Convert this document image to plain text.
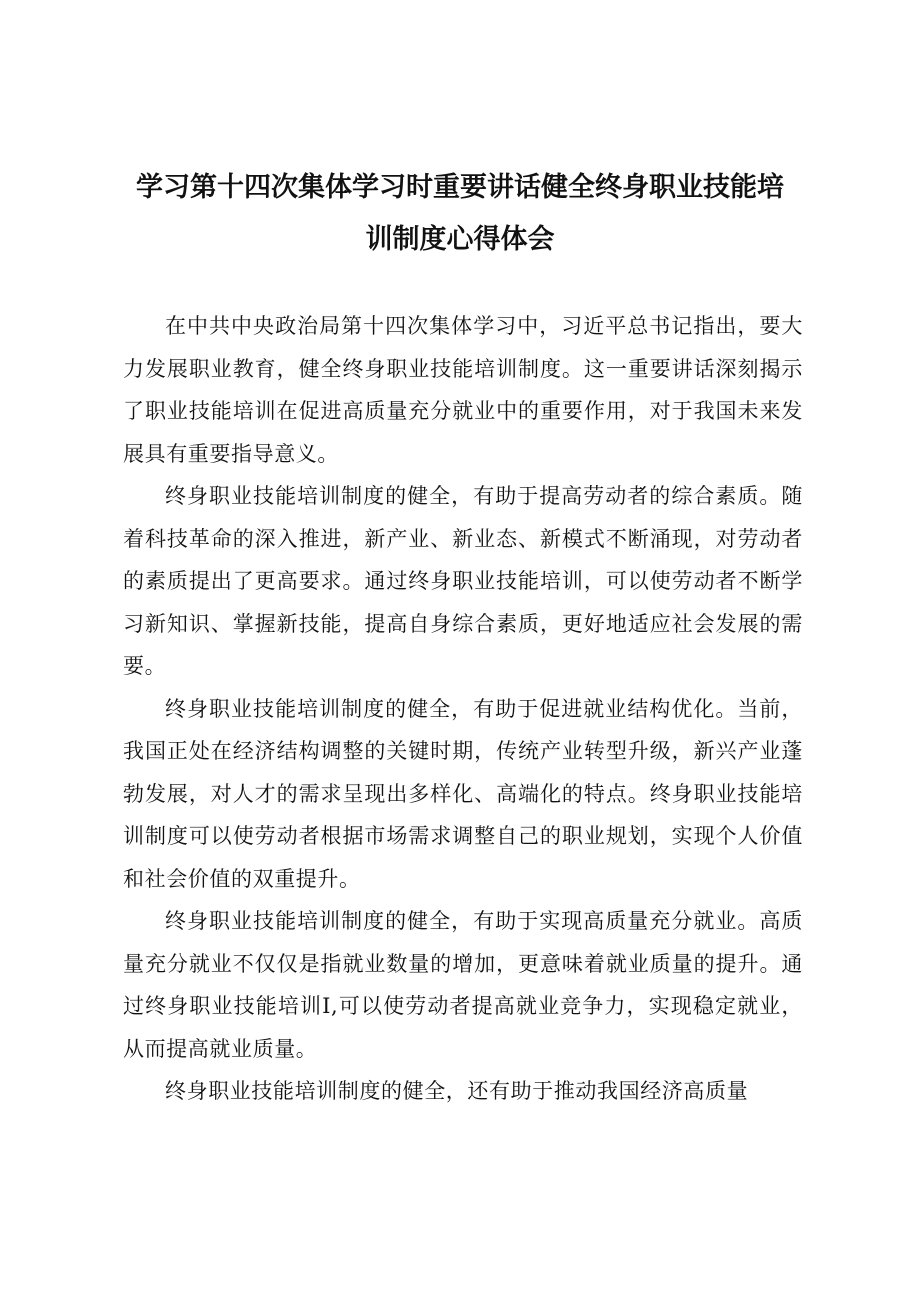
学习第十四次集体学习时重要讲话健全终身职业技能培
训制度心得体会

在中共中央政治局第十四次集体学习中，习近平总书记指出，要大力发展职业教育，健全终身职业技能培训制度。这一重要讲话深刻揭示了职业技能培训在促进高质量充分就业中的重要作用，对于我国未来发展具有重要指导意义。

终身职业技能培训制度的健全，有助于提高劳动者的综合素质。随着科技革命的深入推进，新产业、新业态、新模式不断涌现，对劳动者的素质提出了更高要求。通过终身职业技能培训，可以使劳动者不断学习新知识、掌握新技能，提高自身综合素质，更好地适应社会发展的需要。

终身职业技能培训制度的健全，有助于促进就业结构优化。当前，我国正处在经济结构调整的关键时期，传统产业转型升级，新兴产业蓬勃发展，对人才的需求呈现出多样化、高端化的特点。终身职业技能培训制度可以使劳动者根据市场需求调整自己的职业规划，实现个人价值和社会价值的双重提升。

终身职业技能培训制度的健全，有助于实现高质量充分就业。高质量充分就业不仅仅是指就业数量的增加，更意味着就业质量的提升。通过终身职业技能培训I,可以使劳动者提高就业竞争力，实现稳定就业，从而提高就业质量。

终身职业技能培训制度的健全，还有助于推动我国经济高质量
